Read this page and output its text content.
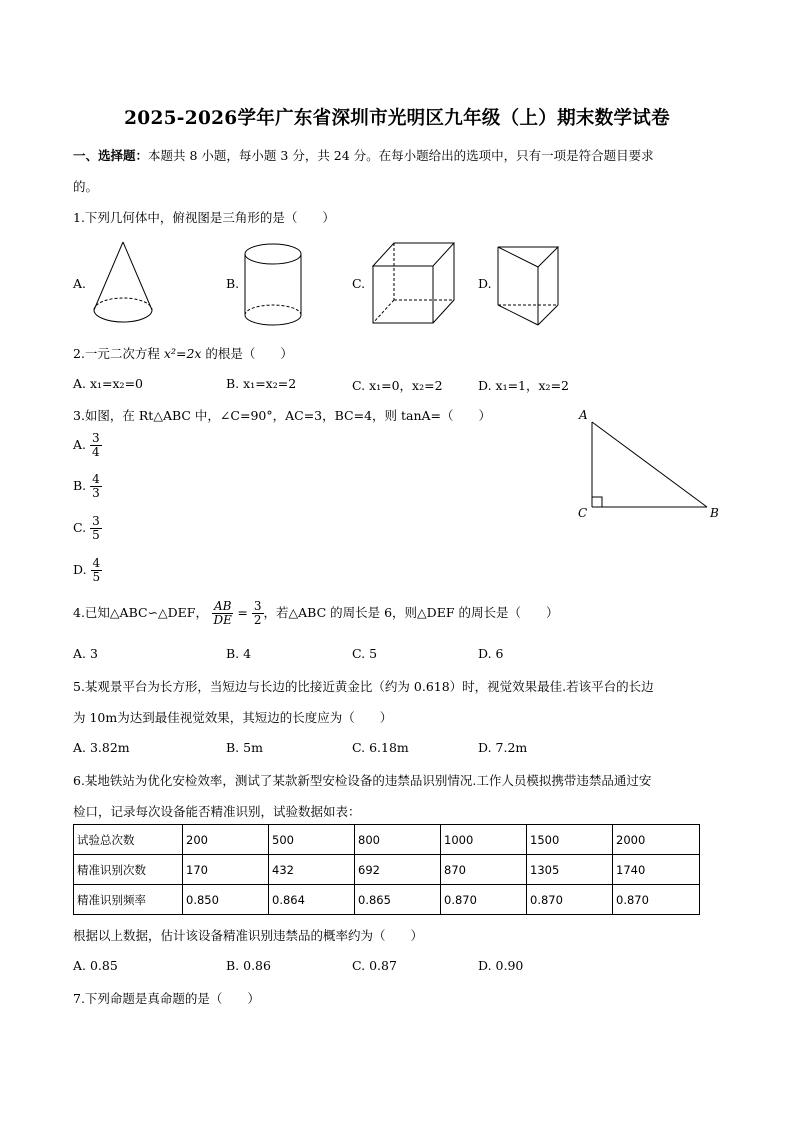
2025-2026学年广东省深圳市光明区九年级（上）期末数学试卷
一、选择题：本题共 8 小题，每小题 3 分，共 24 分。在每小题给出的选项中，只有一项是符合题目要求
的。
1.下列几何体中，俯视图是三角形的是（　　）
A.	B.	C.	D.
2.一元二次方程 x²=2x 的根是（　　）
A. x₁=x₂=0	B. x₁=x₂=2	C. x₁=0，x₂=2	D. x₁=1，x₂=2
3.如图，在 Rt△ABC 中，∠C=90°，AC=3，BC=4，则 tanA=（　　）
A. $\frac{3}{4}$
B. $\frac{4}{3}$
C. $\frac{3}{5}$
D. $\frac{4}{5}$
A
C	B
4.已知△ABC∽△DEF， $\frac{AB}{DE} = \frac{3}{2}$ ，若△ABC 的周长是 6，则△DEF 的周长是（　　）
A. 3	B. 4	C. 5	D. 6
5.某观景平台为长方形，当短边与长边的比接近黄金比（约为 0.618）时，视觉效果最佳.若该平台的长边
为 10m为达到最佳视觉效果，其短边的长度应为（　　）
A. 3.82m	B. 5m	C. 6.18m	D. 7.2m
6.某地铁站为优化安检效率，测试了某款新型安检设备的违禁品识别情况.工作人员模拟携带违禁品通过安
检口，记录每次设备能否精准识别，试验数据如表：
试验总次数	200	500	800	1000	1500	2000
精准识别次数	170	432	692	870	1305	1740
精准识别频率	0.850	0.864	0.865	0.870	0.870	0.870
根据以上数据，估计该设备精准识别违禁品的概率约为（　　）
A. 0.85	B. 0.86	C. 0.87	D. 0.90
7.下列命题是真命题的是（　　）
